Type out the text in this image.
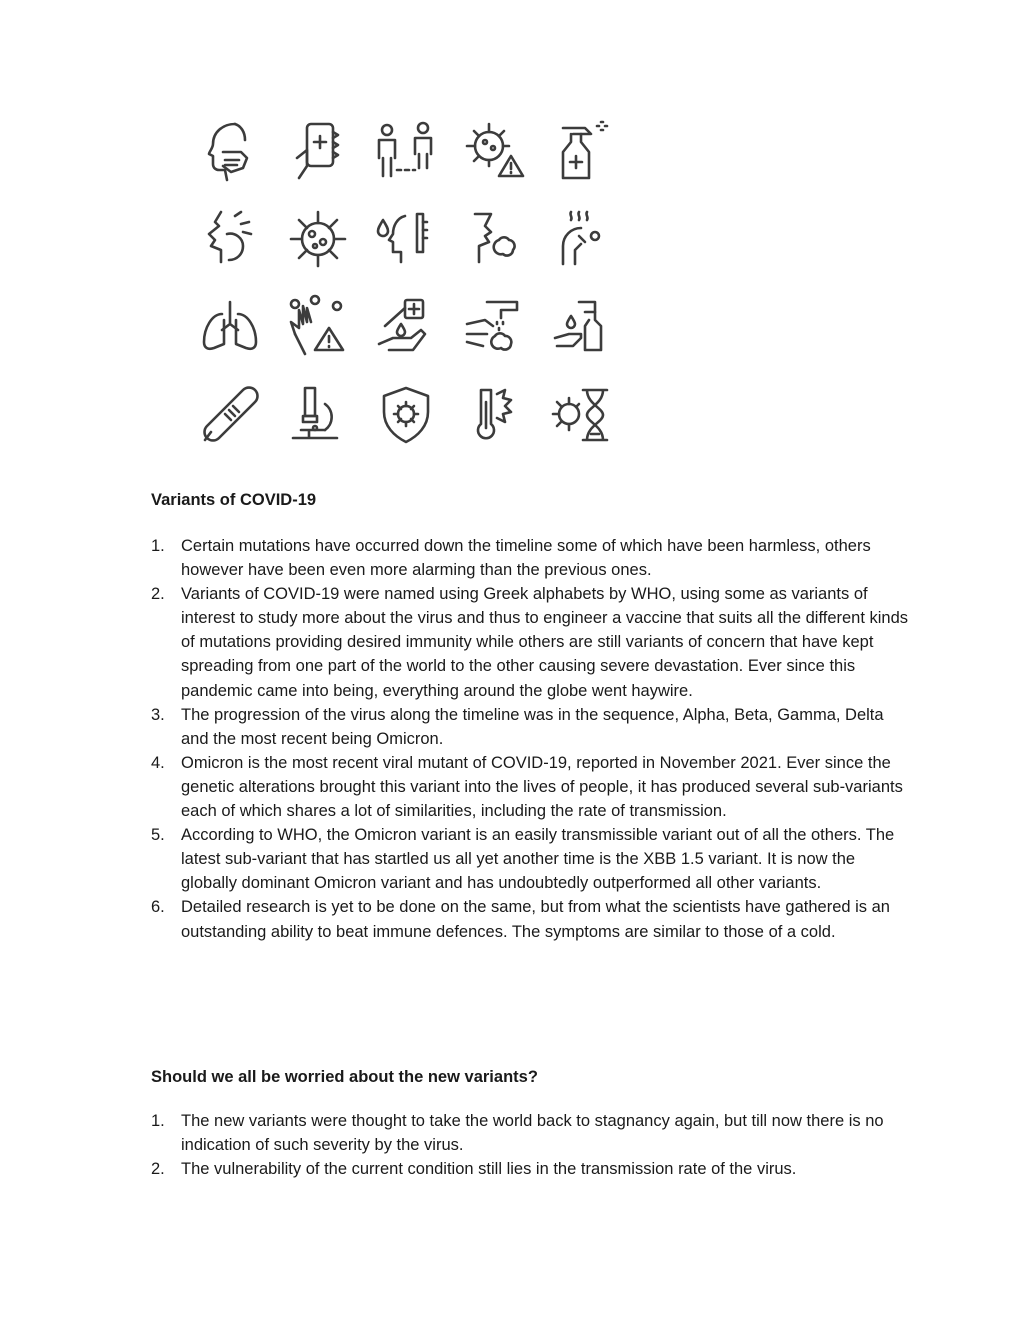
Variants of COVID-19
1. Certain mutations have occurred down the timeline some of which have been harmless, others however have been even more alarming than the previous ones.
2. Variants of COVID-19 were named using Greek alphabets by WHO, using some as variants of interest to study more about the virus and thus to engineer a vaccine that suits all the different kinds of mutations providing desired immunity while others are still variants of concern that have kept spreading from one part of the world to the other causing severe devastation. Ever since this pandemic came into being, everything around the globe went haywire.
3. The progression of the virus along the timeline was in the sequence, Alpha, Beta, Gamma, Delta and the most recent being Omicron.
4. Omicron is the most recent viral mutant of COVID-19, reported in November 2021. Ever since the genetic alterations brought this variant into the lives of people, it has produced several sub-variants each of which shares a lot of similarities, including the rate of transmission.
5. According to WHO, the Omicron variant is an easily transmissible variant out of all the others. The latest sub-variant that has startled us all yet another time is the XBB 1.5 variant. It is now the globally dominant Omicron variant and has undoubtedly outperformed all other variants.
6. Detailed research is yet to be done on the same, but from what the scientists have gathered is an outstanding ability to beat immune defences. The symptoms are similar to those of a cold.
Should we all be worried about the new variants?
1. The new variants were thought to take the world back to stagnancy again, but till now there is no indication of such severity by the virus.
2. The vulnerability of the current condition still lies in the transmission rate of the virus.
